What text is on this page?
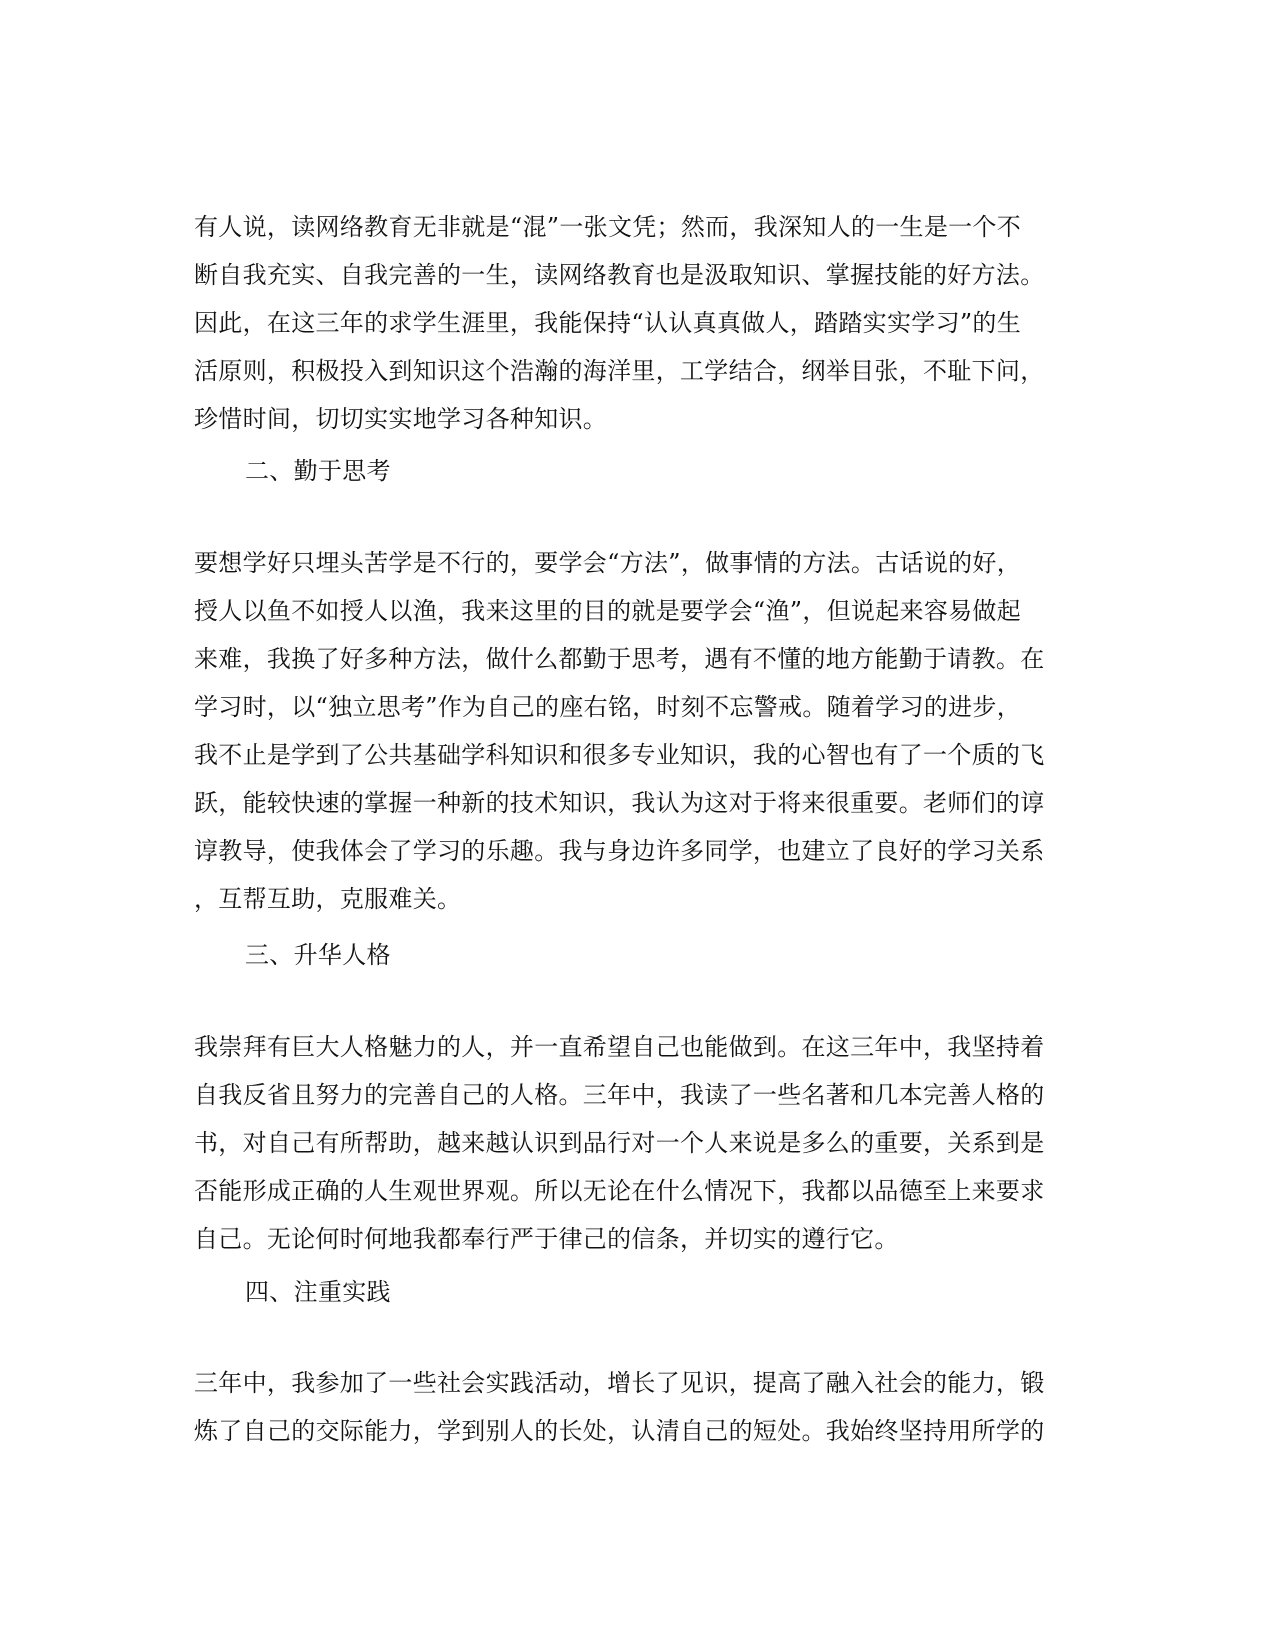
有人说，读网络教育无非就是“混”一张文凭；然而，我深知人的一生是一个不
断自我充实、自我完善的一生，读网络教育也是汲取知识、掌握技能的好方法。
因此，在这三年的求学生涯里，我能保持“认认真真做人，踏踏实实学习”的生
活原则，积极投入到知识这个浩瀚的海洋里，工学结合，纲举目张，不耻下问，
珍惜时间，切切实实地学习各种知识。
二、勤于思考
要想学好只埋头苦学是不行的，要学会“方法”，做事情的方法。古话说的好，
授人以鱼不如授人以渔，我来这里的目的就是要学会“渔”，但说起来容易做起
来难，我换了好多种方法，做什么都勤于思考，遇有不懂的地方能勤于请教。在
学习时，以“独立思考”作为自己的座右铭，时刻不忘警戒。随着学习的进步，
我不止是学到了公共基础学科知识和很多专业知识，我的心智也有了一个质的飞
跃，能较快速的掌握一种新的技术知识，我认为这对于将来很重要。老师们的谆
谆教导，使我体会了学习的乐趣。我与身边许多同学，也建立了良好的学习关系
，互帮互助，克服难关。
三、升华人格
我崇拜有巨大人格魅力的人，并一直希望自己也能做到。在这三年中，我坚持着
自我反省且努力的完善自己的人格。三年中，我读了一些名著和几本完善人格的
书，对自己有所帮助，越来越认识到品行对一个人来说是多么的重要，关系到是
否能形成正确的人生观世界观。所以无论在什么情况下，我都以品德至上来要求
自己。无论何时何地我都奉行严于律己的信条，并切实的遵行它。
四、注重实践
三年中，我参加了一些社会实践活动，增长了见识，提高了融入社会的能力，锻
炼了自己的交际能力，学到别人的长处，认清自己的短处。我始终坚持用所学的
